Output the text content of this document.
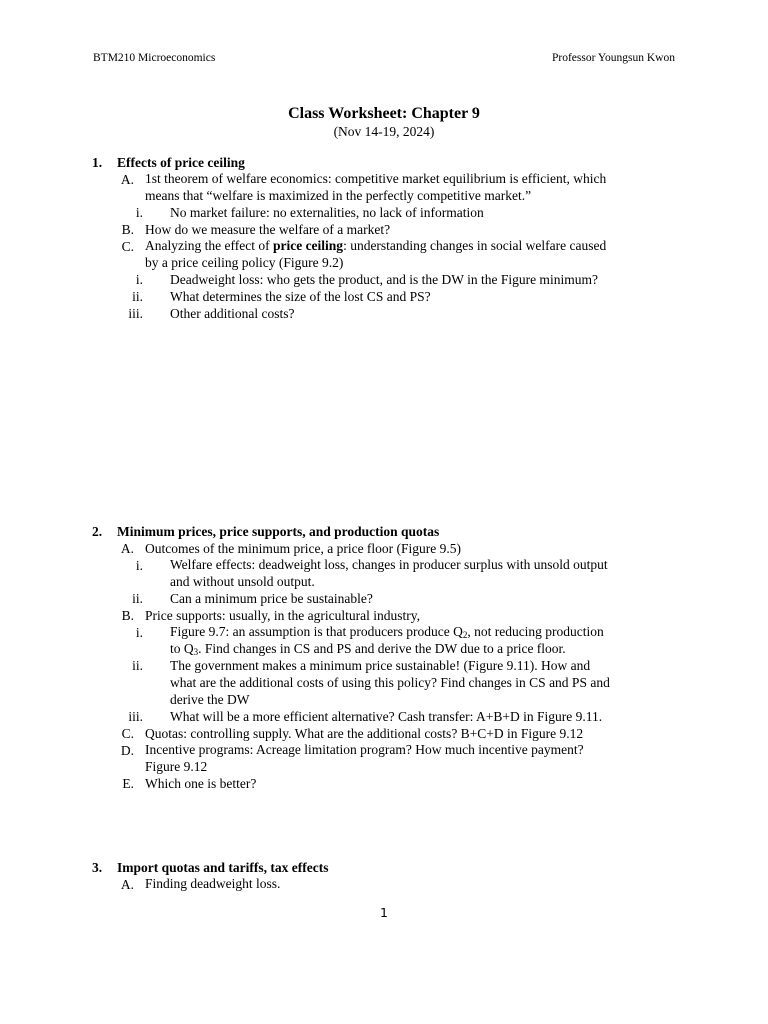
BTM210 Microeconomics	Professor Youngsun Kwon
Class Worksheet: Chapter 9
(Nov 14-19, 2024)
1. Effects of price ceiling
A. 1st theorem of welfare economics: competitive market equilibrium is efficient, which
means that “welfare is maximized in the perfectly competitive market.”
i. No market failure: no externalities, no lack of information
B. How do we measure the welfare of a market?
C. Analyzing the effect of price ceiling: understanding changes in social welfare caused
by a price ceiling policy (Figure 9.2)
i. Deadweight loss: who gets the product, and is the DW in the Figure minimum?
ii. What determines the size of the lost CS and PS?
iii. Other additional costs?
2. Minimum prices, price supports, and production quotas
A. Outcomes of the minimum price, a price floor (Figure 9.5)
i. Welfare effects: deadweight loss, changes in producer surplus with unsold output
and without unsold output.
ii. Can a minimum price be sustainable?
B. Price supports: usually, in the agricultural industry,
i. Figure 9.7: an assumption is that producers produce $Q_2$, not reducing production
to $Q_3$. Find changes in CS and PS and derive the DW due to a price floor.
ii. The government makes a minimum price sustainable! (Figure 9.11). How and
what are the additional costs of using this policy? Find changes in CS and PS and
derive the DW
iii. What will be a more efficient alternative? Cash transfer: A+B+D in Figure 9.11.
C. Quotas: controlling supply. What are the additional costs? B+C+D in Figure 9.12
D. Incentive programs: Acreage limitation program? How much incentive payment?
Figure 9.12
E. Which one is better?
3. Import quotas and tariffs, tax effects
A. Finding deadweight loss.
1
